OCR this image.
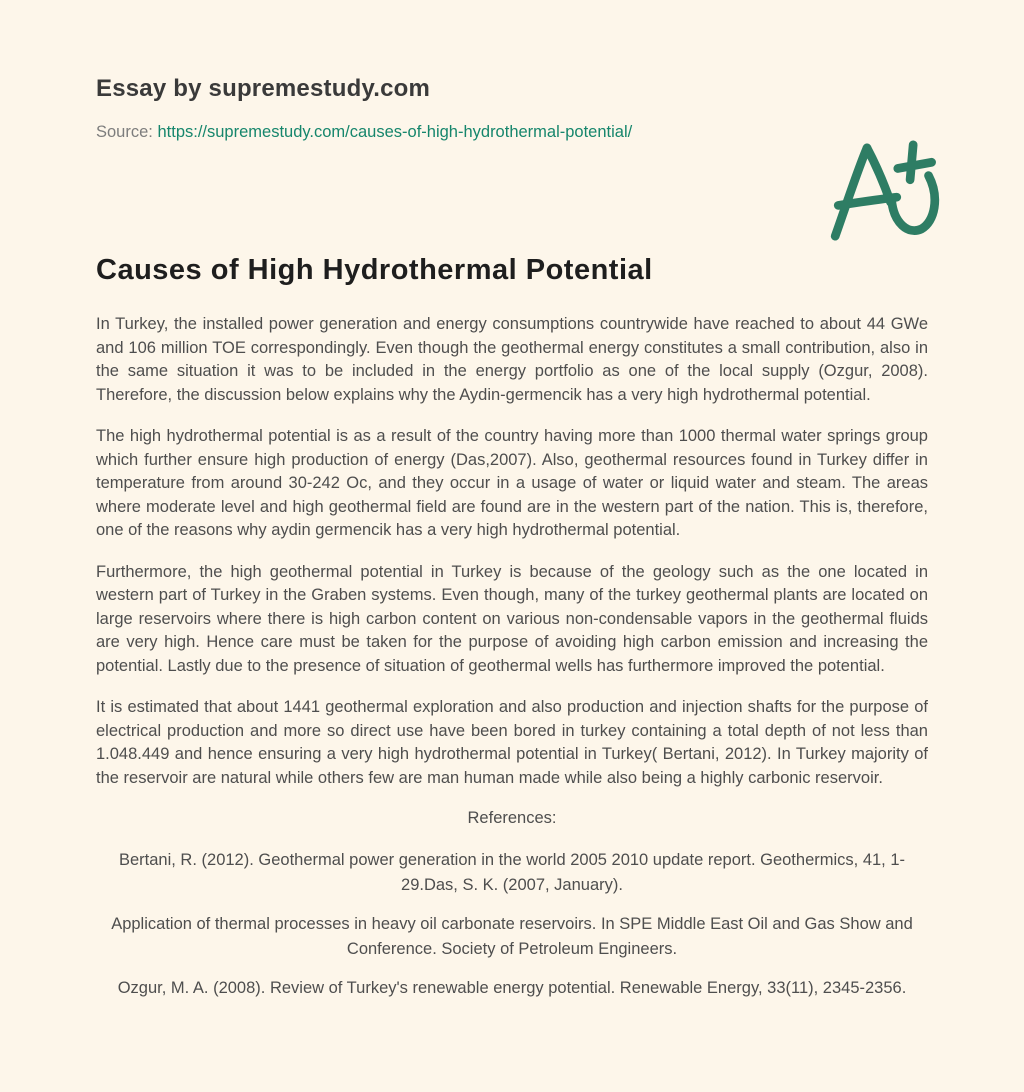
Essay by supremestudy.com
Source: https://supremestudy.com/causes-of-high-hydrothermal-potential/
Causes of High Hydrothermal Potential

In Turkey, the installed power generation and energy consumptions countrywide have reached to about 44 GWe and 106 million TOE correspondingly. Even though the geothermal energy constitutes a small contribution, also in the same situation it was to be included in the energy portfolio as one of the local supply (Ozgur, 2008). Therefore, the discussion below explains why the Aydin-germencik has a very high hydrothermal potential.

The high hydrothermal potential is as a result of the country having more than 1000 thermal water springs group which further ensure high production of energy (Das,2007). Also, geothermal resources found in Turkey differ in temperature from around 30-242 Oc, and they occur in a usage of water or liquid water and steam. The areas where moderate level and high geothermal field are found are in the western part of the nation. This is, therefore, one of the reasons why aydin germencik has a very high hydrothermal potential.

Furthermore, the high geothermal potential in Turkey is because of the geology such as the one located in western part of Turkey in the Graben systems. Even though, many of the turkey geothermal plants are located on large reservoirs where there is high carbon content on various non-condensable vapors in the geothermal fluids are very high. Hence care must be taken for the purpose of avoiding high carbon emission and increasing the potential. Lastly due to the presence of situation of geothermal wells has furthermore improved the potential.

It is estimated that about 1441 geothermal exploration and also production and injection shafts for the purpose of electrical production and more so direct use have been bored in turkey containing a total depth of not less than 1.048.449 and hence ensuring a very high hydrothermal potential in Turkey( Bertani, 2012). In Turkey majority of the reservoir are natural while others few are man human made while also being a highly carbonic reservoir.

References:

Bertani, R. (2012). Geothermal power generation in the world 2005 2010 update report. Geothermics, 41, 1-29.Das, S. K. (2007, January).

Application of thermal processes in heavy oil carbonate reservoirs. In SPE Middle East Oil and Gas Show and Conference. Society of Petroleum Engineers.

Ozgur, M. A. (2008). Review of Turkey's renewable energy potential. Renewable Energy, 33(11), 2345-2356.
